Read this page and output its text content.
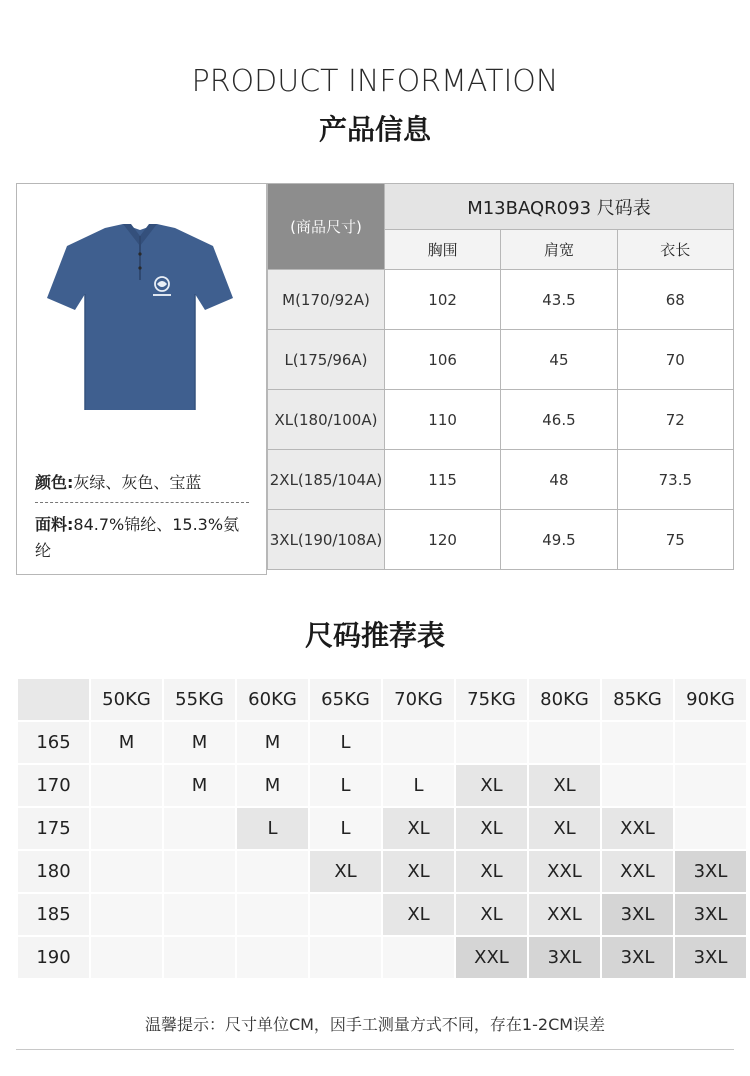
PRODUCT INFORMATION
产品信息
颜色:灰绿、灰色、宝蓝
面料:84.7%锦纶、15.3%氨纶
(商品尺寸)	M13BAQR093 尺码表		
	胸围	肩宽	衣长
M(170/92A)	102	43.5	68
L(175/96A)	106	45	70
XL(180/100A)	110	46.5	72
2XL(185/104A)	115	48	73.5
3XL(190/108A)	120	49.5	75
尺码推荐表
	50KG	55KG	60KG	65KG	70KG	75KG	80KG	85KG	90KG
165	M	M	M	L					
170		M	M	L	L	XL	XL		
175			L	L	XL	XL	XL	XXL	
180				XL	XL	XL	XXL	XXL	3XL
185					XL	XL	XXL	3XL	3XL
190						XXL	3XL	3XL	3XL
温馨提示：尺寸单位CM，因手工测量方式不同，存在1-2CM误差
